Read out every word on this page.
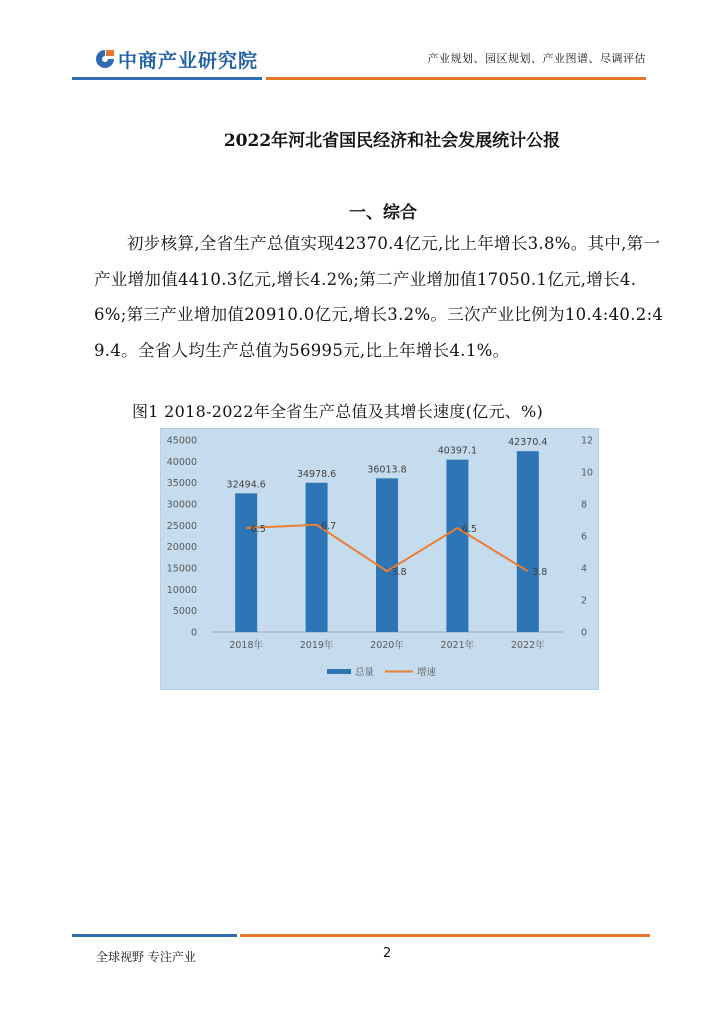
中商产业研究院	产业规划、园区规划、产业图谱、尽调评估
2022年河北省国民经济和社会发展统计公报
一、综合

初步核算,全省生产总值实现42370.4亿元,比上年增长3.8%。其中,第一产业增加值4410.3亿元,增长4.2%;第二产业增加值17050.1亿元,增长4.6%;第三产业增加值20910.0亿元,增长3.2%。三次产业比例为10.4:40.2:49.4。全省人均生产总值为56995元,比上年增长4.1%。

图1 2018-2022年全省生产总值及其增长速度(亿元、%)
0
5000
10000
15000
20000
25000
30000
35000
40000
45000
0
2
4
6
8
10
12
32494.6
34978.6	36013.8
40397.1
42370.4
6.5	6.7
3.8
6.5
3.8
2018年	2019年	2020年	2021年	2022年
总量	增速
全球视野 专注产业	2
